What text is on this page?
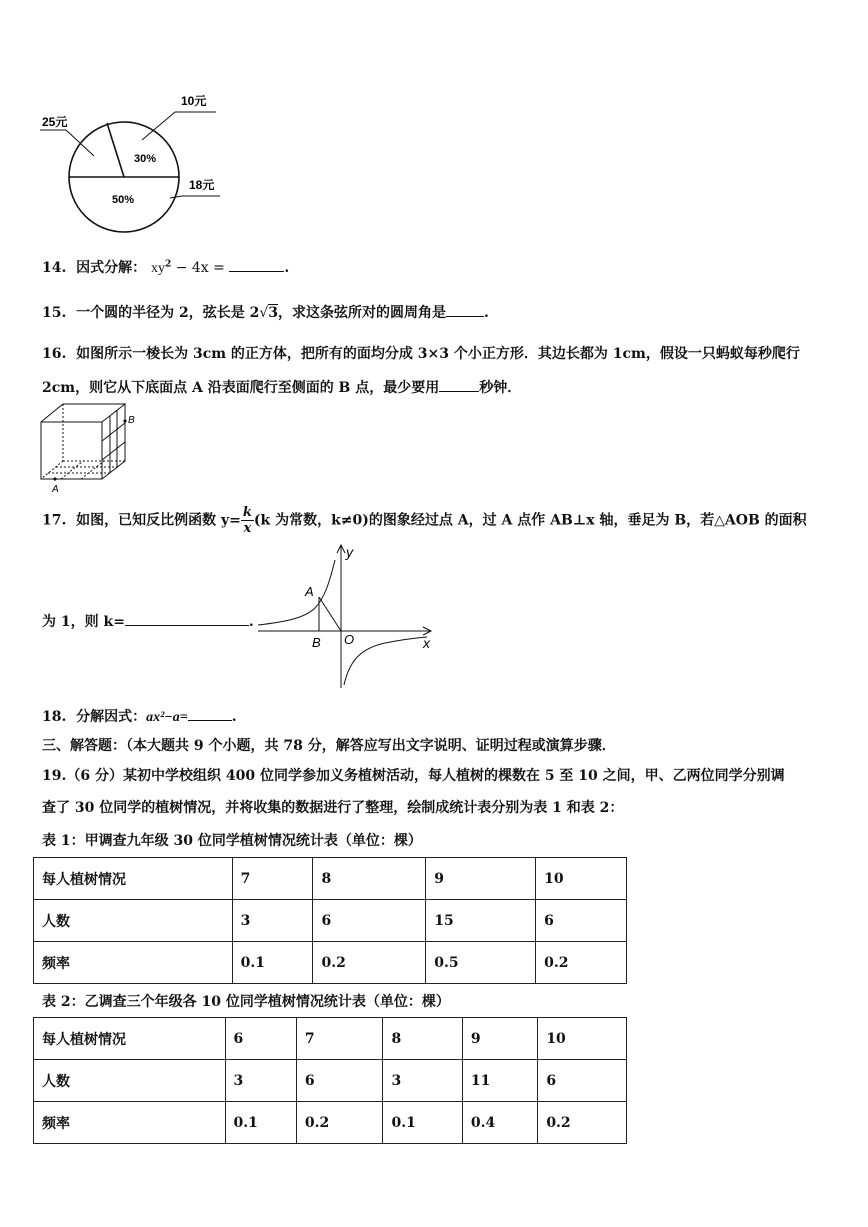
25元
10元
18元
30%
50%
14. 因式分解： $xy^2 - 4x$ =	.
15. 一个圆的半径为 2，弦长是 2√3，求这条弦所对的圆周角是	.
16. 如图所示一棱长为 3cm 的正方体，把所有的面均分成 3×3 个小正方形．其边长都为 1cm，假设一只蚂蚁每秒爬行
2cm，则它从下底面点 A 沿表面爬行至侧面的 B 点，最少要用	秒钟．
A
B
17. 如图，已知反比例函数 $y= \frac{k}{x} (k$ 为常数，k≠0)的图象经过点 A，过 A 点作 AB⊥x 轴，垂足为 B，若△AOB 的面积
为 1，则 k=	.
y
A
B O	x
18. 分解因式：ax²−a=	.
三、解答题：（本大题共 9 个小题，共 78 分，解答应写出文字说明、证明过程或演算步骤．
19.（6 分）某初中学校组织 400 位同学参加义务植树活动，每人植树的棵数在 5 至 10 之间，甲、乙两位同学分别调
查了 30 位同学的植树情况，并将收集的数据进行了整理，绘制成统计表分别为表 1 和表 2：
表 1：甲调查九年级 30 位同学植树情况统计表（单位：棵）
每人植树情况	7	8	9	10
人数	3	6	15	6
频率	0.1	0.2	0.5	0.2
表 2：乙调查三个年级各 10 位同学植树情况统计表（单位：棵）
每人植树情况	6	7	8	9	10
人数	3	6	3	11	6
频率	0.1	0.2	0.1	0.4	0.2
